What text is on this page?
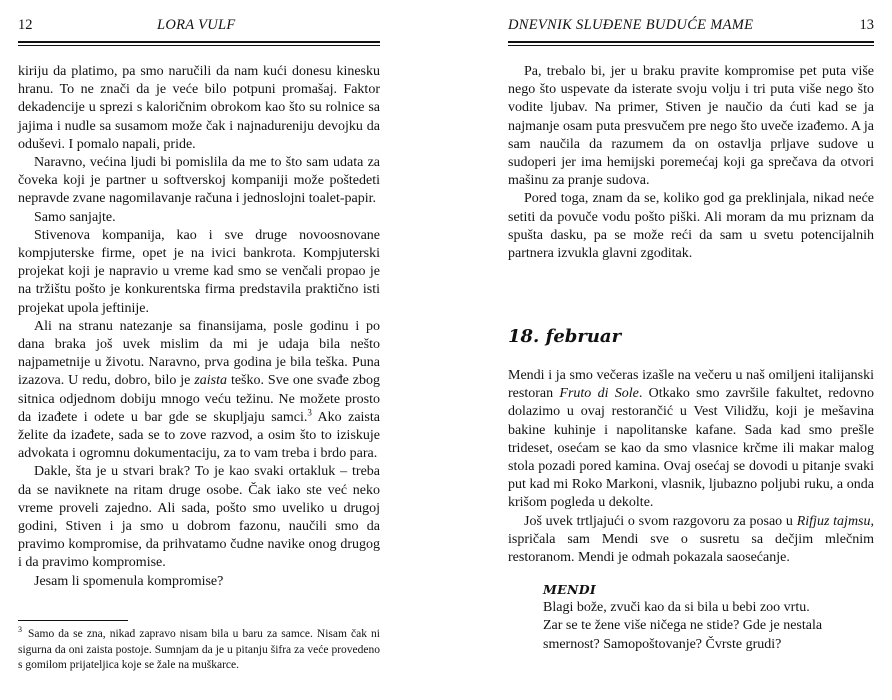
12	LORA VULF

kiriju da platimo, pa smo naručili da nam kući donesu kinesku hranu. To ne znači da je veće bilo potpuni promašaj. Faktor dekadencije u sprezi s kaloričnim obrokom kao što su rolnice sa jajima i nudle sa susamom može čak i najnadureniju devojku da oduševi. I pomalo napali, pride.

Naravno, većina ljudi bi pomislila da me to što sam udata za čoveka koji je partner u softverskoj kompaniji može poštedeti nepravde zvane nagomilavanje računa i jednoslojni toalet-papir.

Samo sanjajte.

Stivenova kompanija, kao i sve druge novoosnovane kompjuterske firme, opet je na ivici bankrota. Kompjuterski projekat koji je napravio u vreme kad smo se venčali propao je na tržištu pošto je konkurentska firma predstavila praktično isti projekat upola jeftinije.

Ali na stranu natezanje sa finansijama, posle godinu i po dana braka još uvek mislim da mi je udaja bila nešto najpametnije u životu. Naravno, prva godina je bila teška. Puna izazova. U redu, dobro, bilo je zaista teško. Sve one svađe zbog sitnica odjednom dobiju mnogo veću težinu. Ne možete prosto da izađete i odete u bar gde se skupljaju samci.$^3$ Ako zaista želite da izađete, sada se to zove razvod, a osim što to iziskuje advokata i ogromnu dokumentaciju, za to vam treba i brdo para.

Dakle, šta je u stvari brak? To je kao svaki ortakluk – treba da se naviknete na ritam druge osobe. Čak iako ste već neko vreme proveli zajedno. Ali sada, pošto smo uveliko u drugoj godini, Stiven i ja smo u dobrom fazonu, naučili smo da pravimo kompromise, da prihvatamo čudne navike onog drugog i da pravimo kompromise.

Jesam li spomenula kompromise?

$^3$ Samo da se zna, nikad zapravo nisam bila u baru za samce. Nisam čak ni sigurna da oni zaista postoje. Sumnjam da je u pitanju šifra za veće provedeno s gomilom prijateljica koje se žale na muškarce.
DNEVNIK SLUĐENE BUDUĆE MAME	13

Pa, trebalo bi, jer u braku pravite kompromise pet puta više nego što uspevate da isterate svoju volju i tri puta više nego što vodite ljubav. Na primer, Stiven je naučio da ćuti kad se ja najmanje osam puta presvučem pre nego što uveče izađemo. A ja sam naučila da razumem da on ostavlja prljave sudove u sudoperi jer ima hemijski poremećaj koji ga sprečava da otvori mašinu za pranje sudova.

Pored toga, znam da se, koliko god ga preklinjala, nikad neće setiti da povuče vodu pošto piški. Ali moram da mu priznam da spušta dasku, pa se može reći da sam u svetu potencijalnih partnera izvukla glavni zgoditak.

18. februar

Mendi i ja smo večeras izašle na večeru u naš omiljeni italijanski restoran Fruto di Sole. Otkako smo završile fakultet, redovno dolazimo u ovaj restorančić u Vest Vilidžu, koji je mešavina bakine kuhinje i napolitanske kafane. Sada kad smo prešle trideset, osećam se kao da smo vlasnice krčme ili makar malog stola pozadi pored kamina. Ovaj osećaj se dovodi u pitanje svaki put kad mi Roko Markoni, vlasnik, ljubazno poljubi ruku, a onda krišom pogleda u dekolte.

Još uvek trtljajući o svom razgovoru za posao u Rifjuz tajmsu, ispričala sam Mendi sve o susretu sa dečjim mlečnim restoranom. Mendi je odmah pokazala saosećanje.

MENDI
Blagi bože, zvuči kao da si bila u bebi zoo vrtu.
Zar se te žene više ničega ne stide? Gde je nestala
smernost? Samopoštovanje? Čvrste grudi?
